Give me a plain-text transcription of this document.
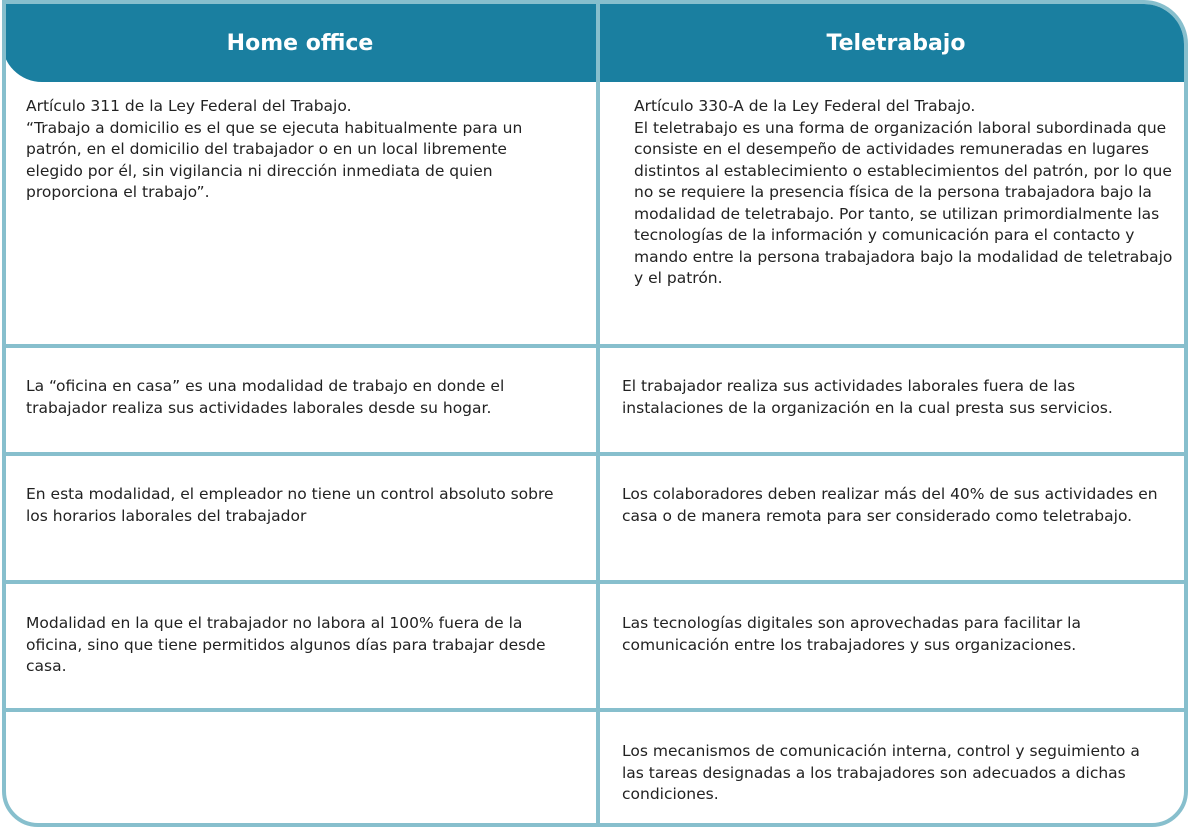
Home office	Teletrabajo
Artículo 311 de la Ley Federal del Trabajo.
“Trabajo a domicilio es el que se ejecuta habitualmente para un patrón, en el domicilio del trabajador o en un local libremente elegido por él, sin vigilancia ni dirección inmediata de quien proporciona el trabajo”.
Artículo 330-A de la Ley Federal del Trabajo.
El teletrabajo es una forma de organización laboral subordinada que consiste en el desempeño de actividades remuneradas en lugares distintos al establecimiento o establecimientos del patrón, por lo que no se requiere la presencia física de la persona trabajadora bajo la modalidad de teletrabajo. Por tanto, se utilizan primordialmente las tecnologías de la información y comunicación para el contacto y mando entre la persona trabajadora bajo la modalidad de teletrabajo y el patrón.
La “oficina en casa” es una modalidad de trabajo en donde el trabajador realiza sus actividades laborales desde su hogar.
El trabajador realiza sus actividades laborales fuera de las instalaciones de la organización en la cual presta sus servicios.
En esta modalidad, el empleador no tiene un control absoluto sobre los horarios laborales del trabajador
Los colaboradores deben realizar más del 40% de sus actividades en casa o de manera remota para ser considerado como teletrabajo.
Modalidad en la que el trabajador no labora al 100% fuera de la oficina, sino que tiene permitidos algunos días para trabajar desde casa.
Las tecnologías digitales son aprovechadas para facilitar la comunicación entre los trabajadores y sus organizaciones.
Los mecanismos de comunicación interna, control y seguimiento a las tareas designadas a los trabajadores son adecuados a dichas condiciones.
